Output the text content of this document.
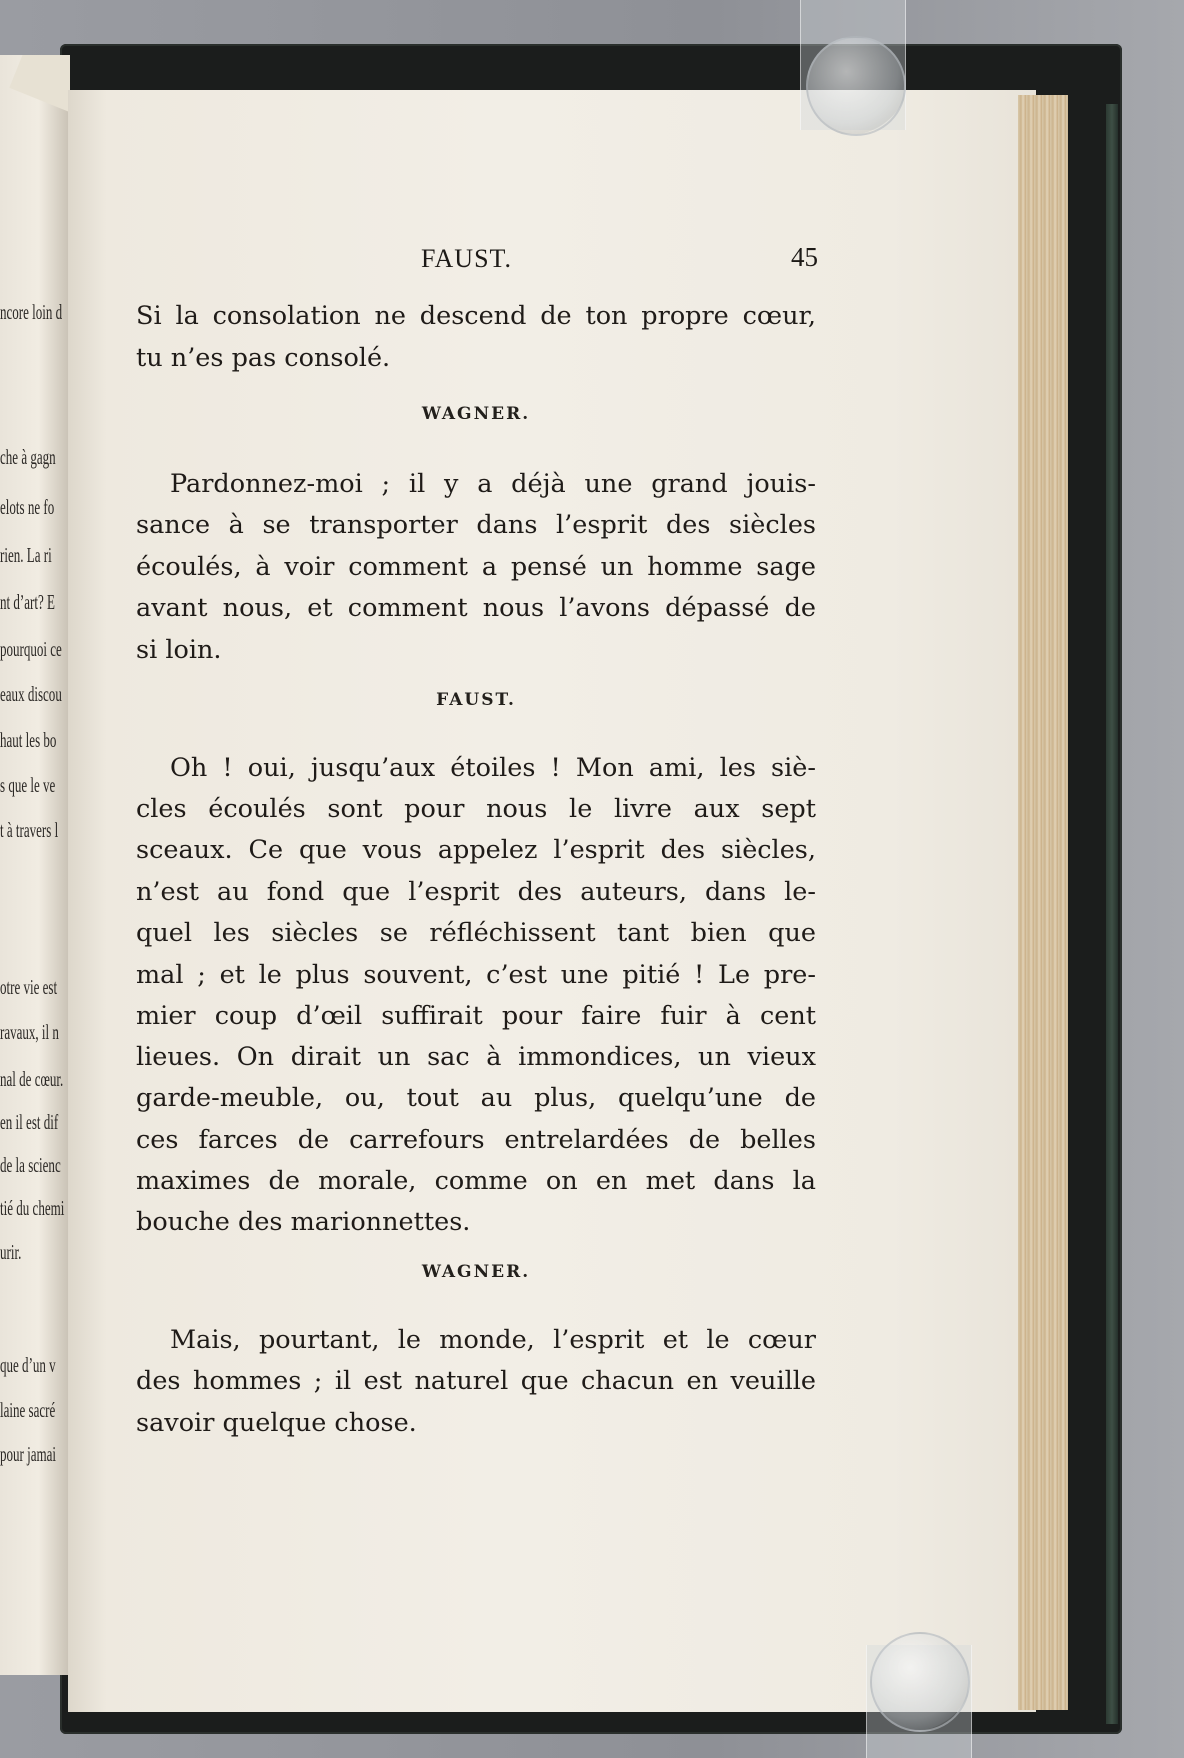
ncore loin d
che à gagn
elots ne fo
rien. La ri
nt d’art? E
pourquoi ce
eaux discou
haut les bo
s que le ve
t à travers l
otre vie est
ravaux, il n
nal de cœur.
en il est dif
de la scienc
tié du chemi
urir.
que d’un v
laine sacré
pour jamai
FAUST.	45
Si la consolation ne descend de ton propre cœur,
tu n’es pas consolé.
WAGNER.
Pardonnez-moi ; il y a déjà une grand jouis-
sance à se transporter dans l’esprit des siècles
écoulés, à voir comment a pensé un homme sage
avant nous, et comment nous l’avons dépassé de
si loin.
FAUST.
Oh ! oui, jusqu’aux étoiles ! Mon ami, les siè-
cles écoulés sont pour nous le livre aux sept
sceaux. Ce que vous appelez l’esprit des siècles,
n’est au fond que l’esprit des auteurs, dans le-
quel les siècles se réfléchissent tant bien que
mal ; et le plus souvent, c’est une pitié ! Le pre-
mier coup d’œil suffirait pour faire fuir à cent
lieues. On dirait un sac à immondices, un vieux
garde-meuble, ou, tout au plus, quelqu’une de
ces farces de carrefours entrelardées de belles
maximes de morale, comme on en met dans la
bouche des marionnettes.
WAGNER.
Mais, pourtant, le monde, l’esprit et le cœur
des hommes ; il est naturel que chacun en veuille
savoir quelque chose.
